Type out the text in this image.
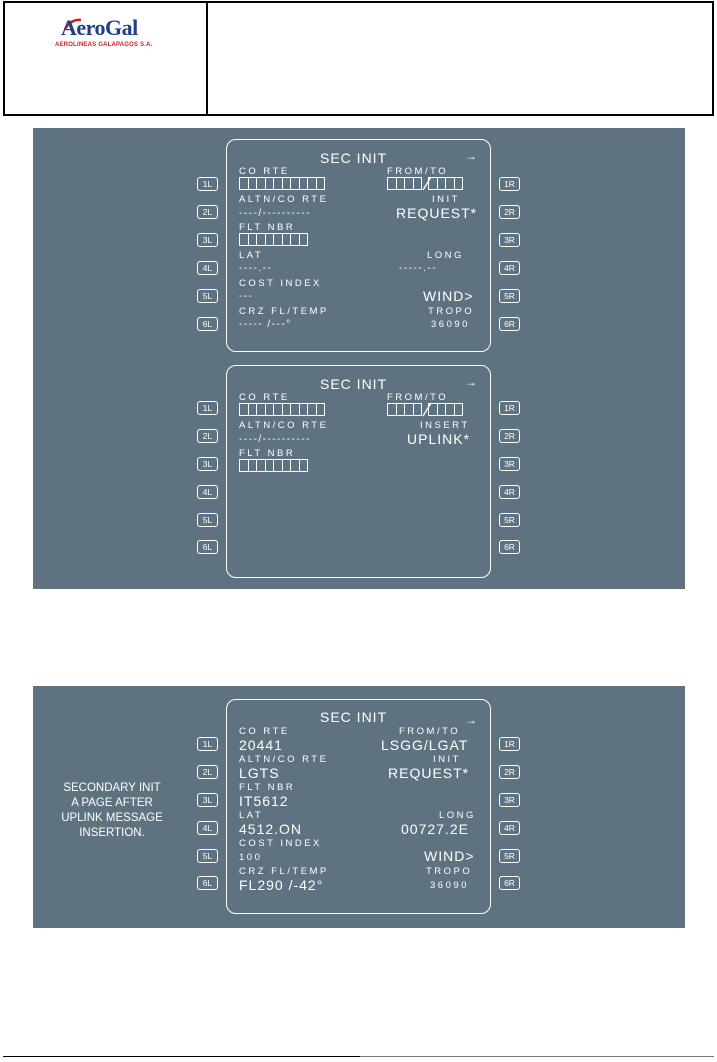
AeroGal
AEROLINEAS GALAPAGOS S.A.
1L
2L
3L
4L
5L
6L
1R
2R
3R
4R
5R
6R
SEC INIT	→
CO RTE	FROM/TO
ALTN/CO RTE	INIT
----/----------	REQUEST*
FLT NBR
LAT	LONG
----.--	-----.--
COST INDEX
---	WIND>
CRZ FL/TEMP	TROPO
----- /---°	36090
1L
2L
3L
4L
5L
6L
1R
2R
3R
4R
5R
6R
SEC INIT	→
CO RTE	FROM/TO
ALTN/CO RTE	INSERT
----/----------	UPLINK*
FLT NBR
SECONDARY INIT
A PAGE AFTER
UPLINK MESSAGE
INSERTION.
1L
2L
3L
4L
5L
6L
1R
2R
3R
4R
5R
6R
SEC INIT	→
CO RTE	FROM/TO
20441	LSGG/LGAT
ALTN/CO RTE	INIT
LGTS	REQUEST*
FLT NBR
IT5612
LAT	LONG
4512.ON	00727.2E
COST INDEX
100	WIND>
CRZ FL/TEMP	TROPO
FL290 /-42°	36090
